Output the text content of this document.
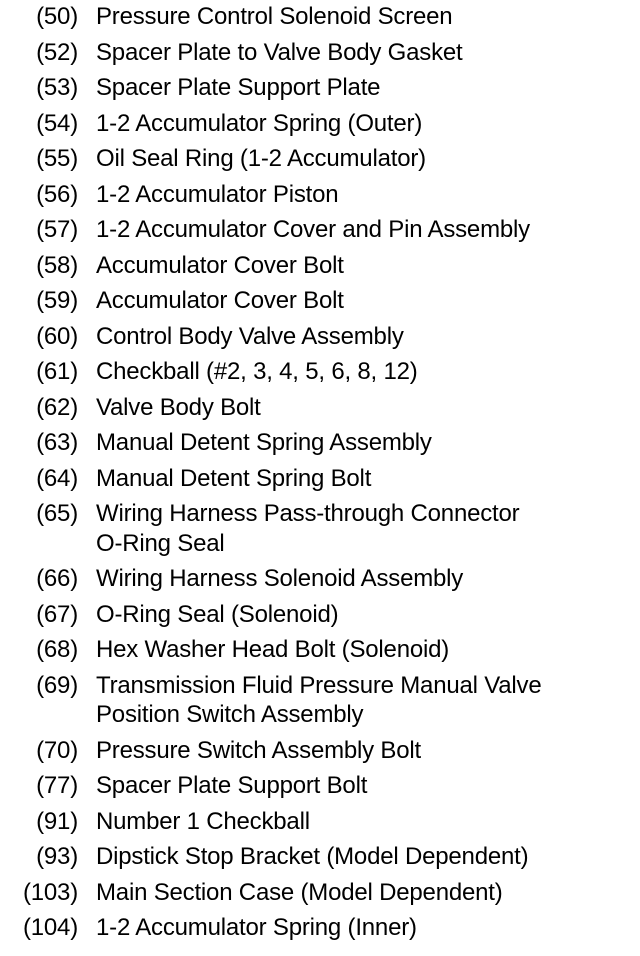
(50) Pressure Control Solenoid Screen
(52) Spacer Plate to Valve Body Gasket
(53) Spacer Plate Support Plate
(54) 1-2 Accumulator Spring (Outer)
(55) Oil Seal Ring (1-2 Accumulator)
(56) 1-2 Accumulator Piston
(57) 1-2 Accumulator Cover and Pin Assembly
(58) Accumulator Cover Bolt
(59) Accumulator Cover Bolt
(60) Control Body Valve Assembly
(61) Checkball (#2, 3, 4, 5, 6, 8, 12)
(62) Valve Body Bolt
(63) Manual Detent Spring Assembly
(64) Manual Detent Spring Bolt
(65) Wiring Harness Pass-through Connector
O-Ring Seal
(66) Wiring Harness Solenoid Assembly
(67) O-Ring Seal (Solenoid)
(68) Hex Washer Head Bolt (Solenoid)
(69) Transmission Fluid Pressure Manual Valve
Position Switch Assembly
(70) Pressure Switch Assembly Bolt
(77) Spacer Plate Support Bolt
(91) Number 1 Checkball
(93) Dipstick Stop Bracket (Model Dependent)
(103) Main Section Case (Model Dependent)
(104) 1-2 Accumulator Spring (Inner)
